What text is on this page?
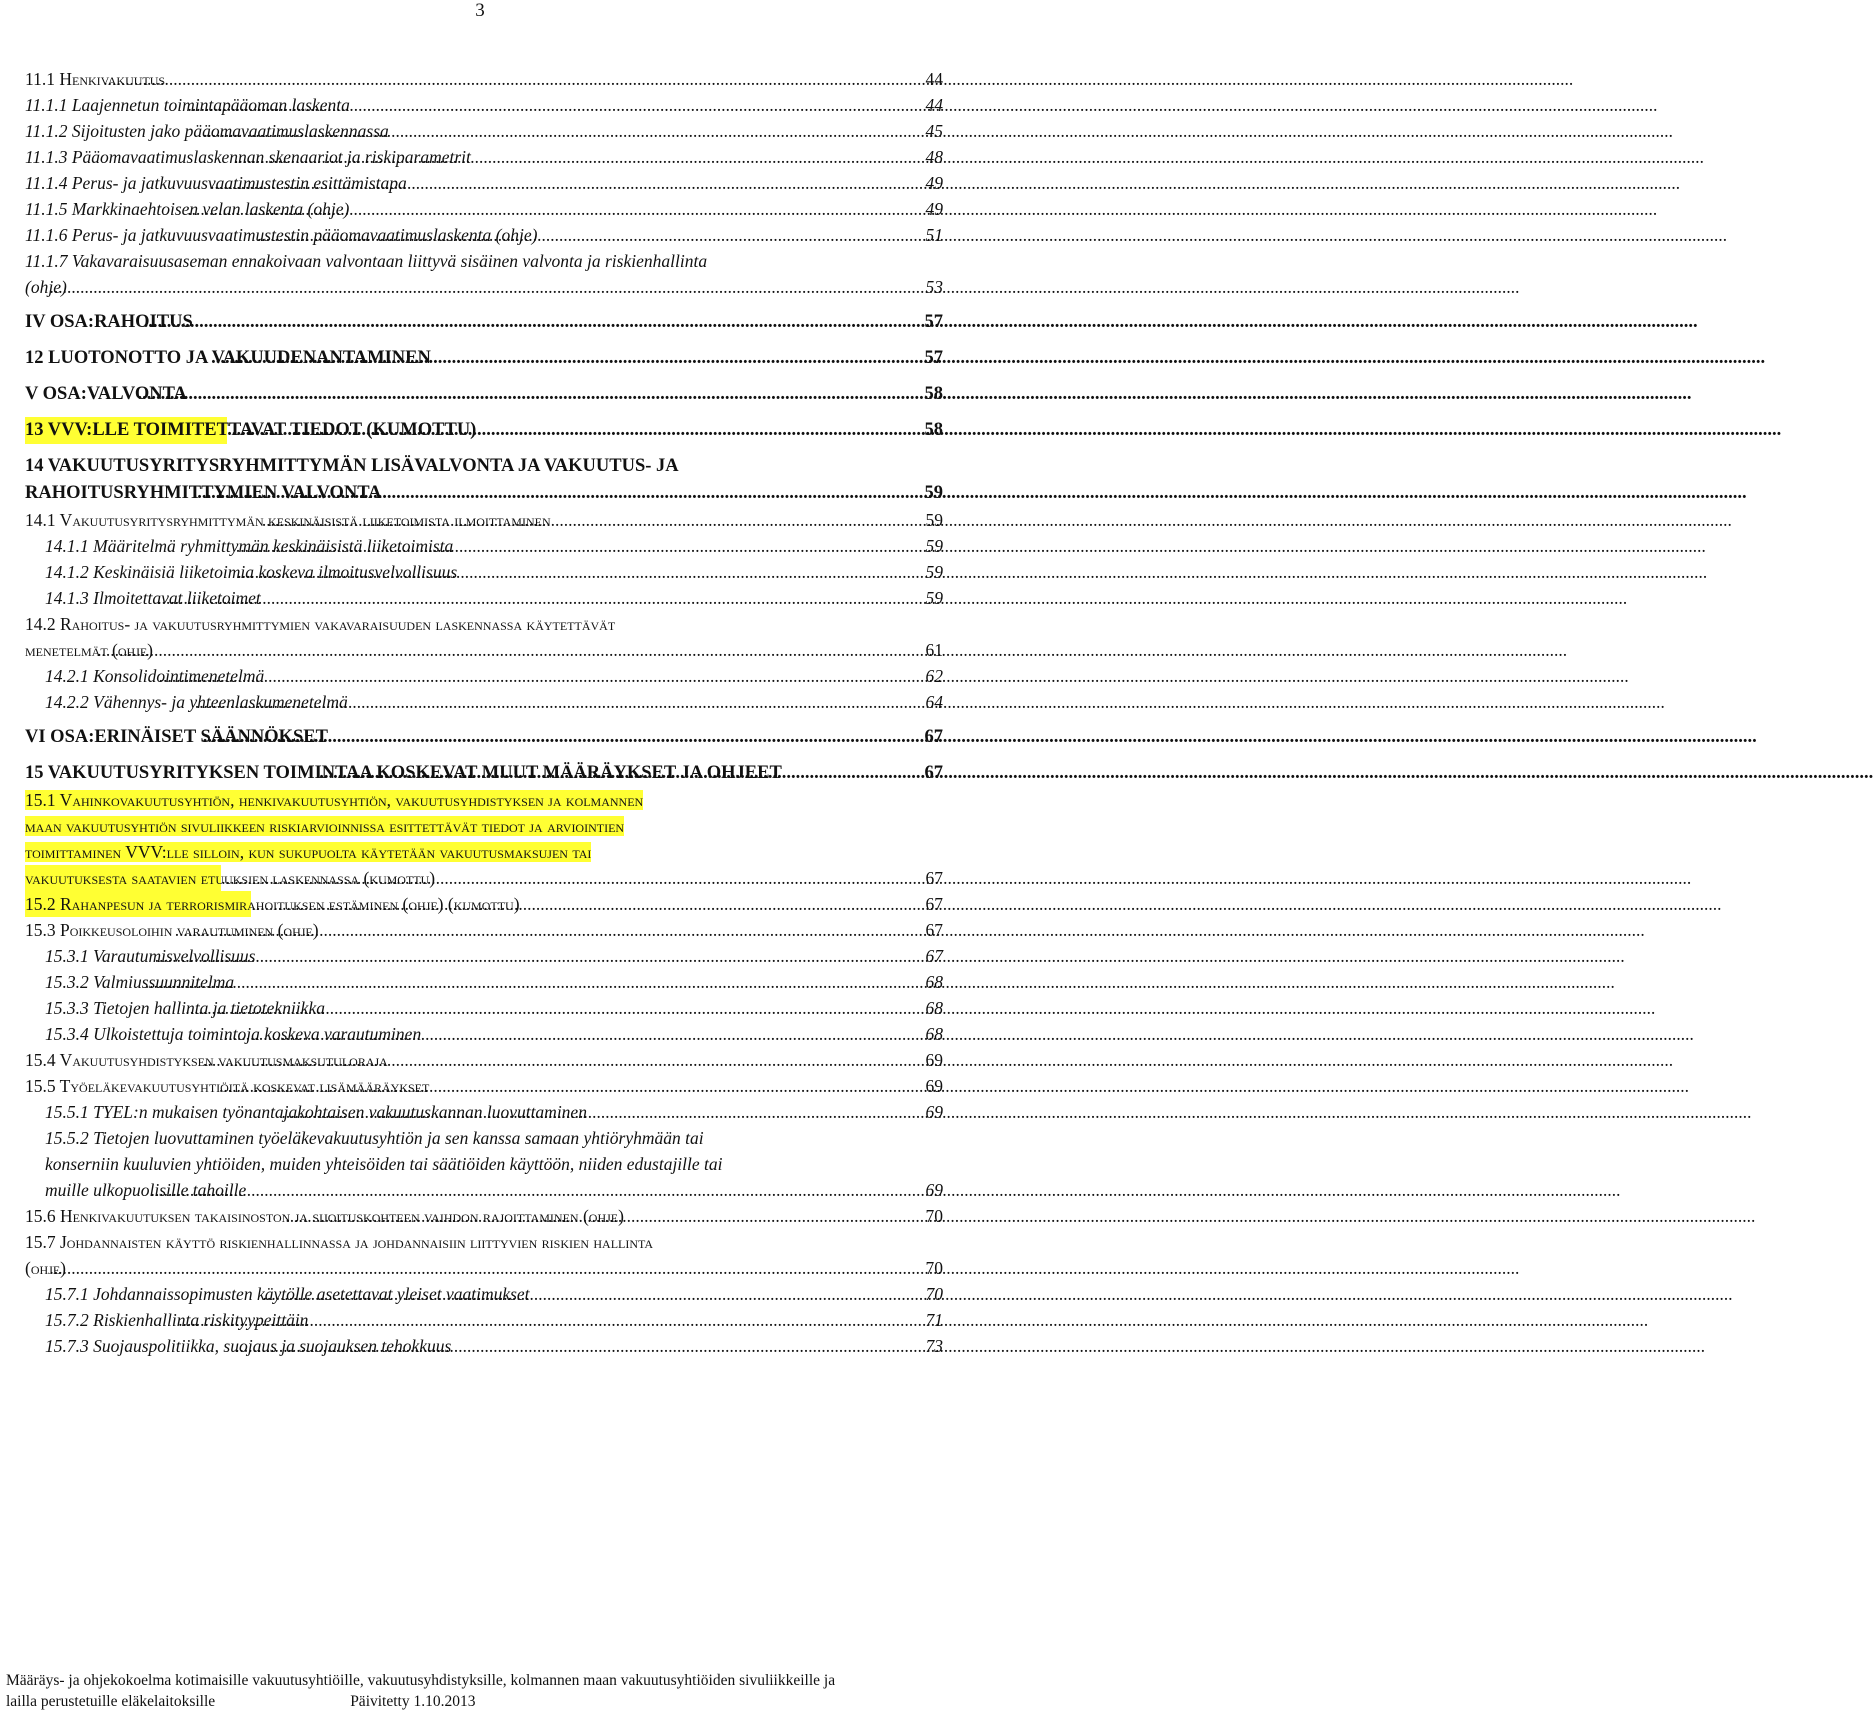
3
11.1 Henkivakuutus .....	44
11.1.1 Laajennetun toimintapääoman laskenta .....	44
11.1.2 Sijoitusten jako pääomavaatimuslaskennassa .....	45
11.1.3 Pääomavaatimuslaskennan skenaariot ja riskiparametrit .....	48
11.1.4 Perus- ja jatkuvuusvaatimustestin esittämistapa .....	49
11.1.5 Markkinaehtoisen velan laskenta (ohje) .....	49
11.1.6 Perus- ja jatkuvuusvaatimustestin pääomavaatimuslaskenta (ohje) .....	51
11.1.7 Vakavaraisuusaseman ennakoivaan valvontaan liittyvä sisäinen valvonta ja riskienhallinta
(ohje) .....	53
IV OSA: RAHOITUS .....	57
12 LUOTONOTTO JA VAKUUDENANTAMINEN .....	57
V OSA: VALVONTA .....	58
13 VVV:LLE TOIMITETTAVAT TIEDOT (KUMOTTU) .....	58
14 VAKUUTUSYRITYSRYHMITTYMÄN LISÄVALVONTA JA VAKUUTUS- JA
RAHOITUSRYHMITTYMIEN VALVONTA .....	59
14.1 Vakuutusyritysryhmittymän keskinäisistä liiketoimista ilmoittaminen .....	59
14.1.1 Määritelmä ryhmittymän keskinäisistä liiketoimista .....	59
14.1.2 Keskinäisiä liiketoimia koskeva ilmoitusvelvollisuus .....	59
14.1.3 Ilmoitettavat liiketoimet .....	59
14.2 Rahoitus- ja vakuutusryhmittymien vakavaraisuuden laskennassa käytettävät
menetelmät (ohje) .....	61
14.2.1 Konsolidointimenetelmä .....	62
14.2.2 Vähennys- ja yhteenlaskumenetelmä .....	64
VI OSA: ERINÄISET SÄÄNNÖKSET .....	67
15 VAKUUTUSYRITYKSEN TOIMINTAA KOSKEVAT MUUT MÄÄRÄYKSET JA OHJEET .....	67
15.1 Vahinkovakuutusyhtiön, henkivakuutusyhtiön, vakuutusyhdistyksen ja kolmannen
maan vakuutusyhtiön sivuliikkeen riskiarvioinnissa esittettävät tiedot ja arviointien
toimittaminen VVV:lle silloin, kun sukupuolta käytetään vakuutusmaksujen tai
vakuutuksesta saatavien etuuksien laskennassa (kumottu) .....	67
15.2 Rahanpesun ja terrorismirahoituksen estäminen (ohje) (kumottu) .....	67
15.3 Poikkeusoloihin varautuminen (ohje) .....	67
15.3.1 Varautumisvelvollisuus .....	67
15.3.2 Valmiussuunnitelma .....	68
15.3.3 Tietojen hallinta ja tietotekniikka .....	68
15.3.4 Ulkoistettuja toimintoja koskeva varautuminen .....	68
15.4 Vakuutusyhdistyksen vakuutusmaksutuloraja .....	69
15.5 Työeläkevakuutusyhtiöitä koskevat lisämääräykset .....	69
15.5.1 TYEL:n mukaisen työnantajakohtaisen vakuutuskannan luovuttaminen .....	69
15.5.2 Tietojen luovuttaminen työeläkevakuutusyhtiön ja sen kanssa samaan yhtiöryhmään tai
konserniin kuuluvien yhtiöiden, muiden yhteisöiden tai säätiöiden käyttöön, niiden edustajille tai
muille ulkopuolisille tahoille .....	69
15.6 Henkivakuutuksen takaisinoston ja sijoituskohteen vaihdon rajoittaminen (ohje) .....	70
15.7 Johdannaisten käyttö riskienhallinnassa ja johdannaisiin liittyvien riskien hallinta
(ohje) .....	70
15.7.1 Johdannaissopimusten käytölle asetettavat yleiset vaatimukset .....	70
15.7.2 Riskienhallinta riskityypeittäin .....	71
15.7.3 Suojauspolitiikka, suojaus ja suojauksen tehokkuus .....	73
Määräys- ja ohjekokoelma kotimaisille vakuutusyhtiöille, vakuutusyhdistyksille, kolmannen maan vakuutusyhtiöiden sivuliikkeille ja
lailla perustetuille eläkelaitoksille	Päivitetty 1.10.2013
